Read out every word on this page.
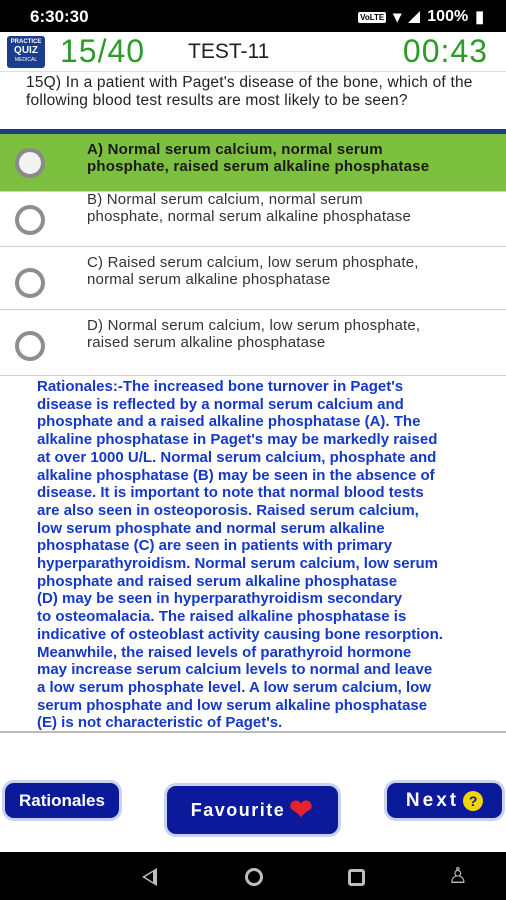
6:30:30	VoLTE ▾ 100% ▮
PRACTICE
QUIZ
MEDICAL 15/40 TEST-11	00:43
15Q) In a patient with Paget's disease of the bone, which of the following blood test results are most likely to be seen?
A) Normal serum calcium, normal serum
phosphate, raised serum alkaline phosphatase
B) Normal serum calcium, normal serum
phosphate, normal serum alkaline phosphatase
C) Raised serum calcium, low serum phosphate,
normal serum alkaline phosphatase
D) Normal serum calcium, low serum phosphate,
raised serum alkaline phosphatase
Rationales:-The increased bone turnover in Paget's
disease is reflected by a normal serum calcium and
phosphate and a raised alkaline phosphatase (A). The
alkaline phosphatase in Paget's may be markedly raised
at over 1000 U/L. Normal serum calcium, phosphate and
alkaline phosphatase (B) may be seen in the absence of
disease. It is important to note that normal blood tests
are also seen in osteoporosis. Raised serum calcium,
low serum phosphate and normal serum alkaline
phosphatase (C) are seen in patients with primary
hyperparathyroidism. Normal serum calcium, low serum
phosphate and raised serum alkaline phosphatase
(D) may be seen in hyperparathyroidism secondary
to osteomalacia. The raised alkaline phosphatase is
indicative of osteoblast activity causing bone resorption.
Meanwhile, the raised levels of parathyroid hormone
may increase serum calcium levels to normal and leave
a low serum phosphate level. A low serum calcium, low
serum phosphate and low serum alkaline phosphatase
(E) is not characteristic of Paget's.
Rationales	Favourite ❤	Next ?
♙
